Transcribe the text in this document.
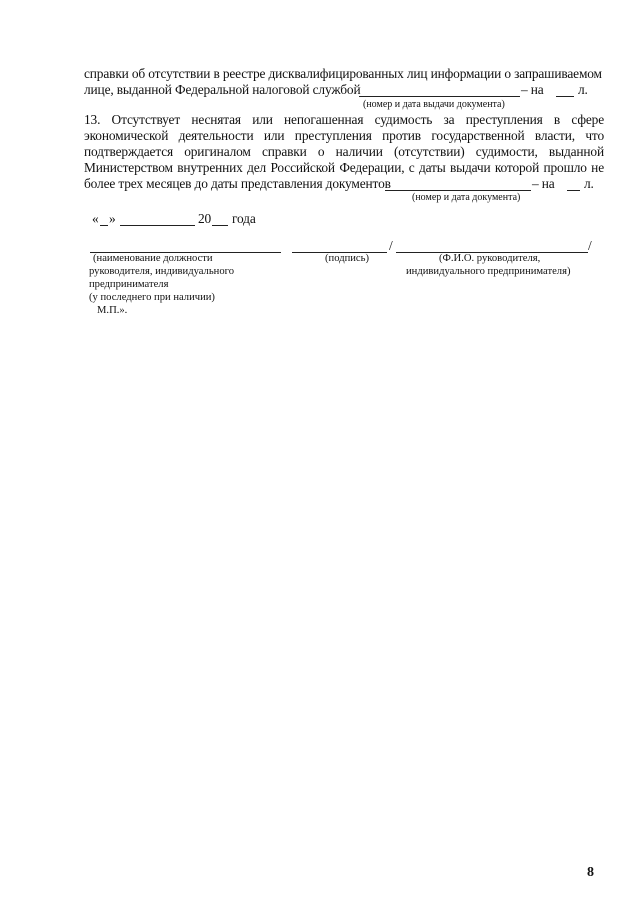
справки об отсутствии в реестре дисквалифицированных лиц информации о запрашиваемом
лице, выданной Федеральной налоговой службой	– на	л.
(номер и дата выдачи документа)
13. Отсутствует неснятая или непогашенная судимость за преступления в сфере
экономической деятельности или преступления против государственной власти, что
подтверждается оригиналом справки о наличии (отсутствии) судимости, выданной
Министерством внутренних дел Российской Федерации, с даты выдачи которой прошло не
более трех месяцев до даты представления документов	– на л.
(номер и дата документа)
« »	20 года
/	/
(наименование должности
руководителя, индивидуального
предпринимателя
(у последнего при наличии)
М.П.».
(подпись)	(Ф.И.О. руководителя,
индивидуального предпринимателя)
8
